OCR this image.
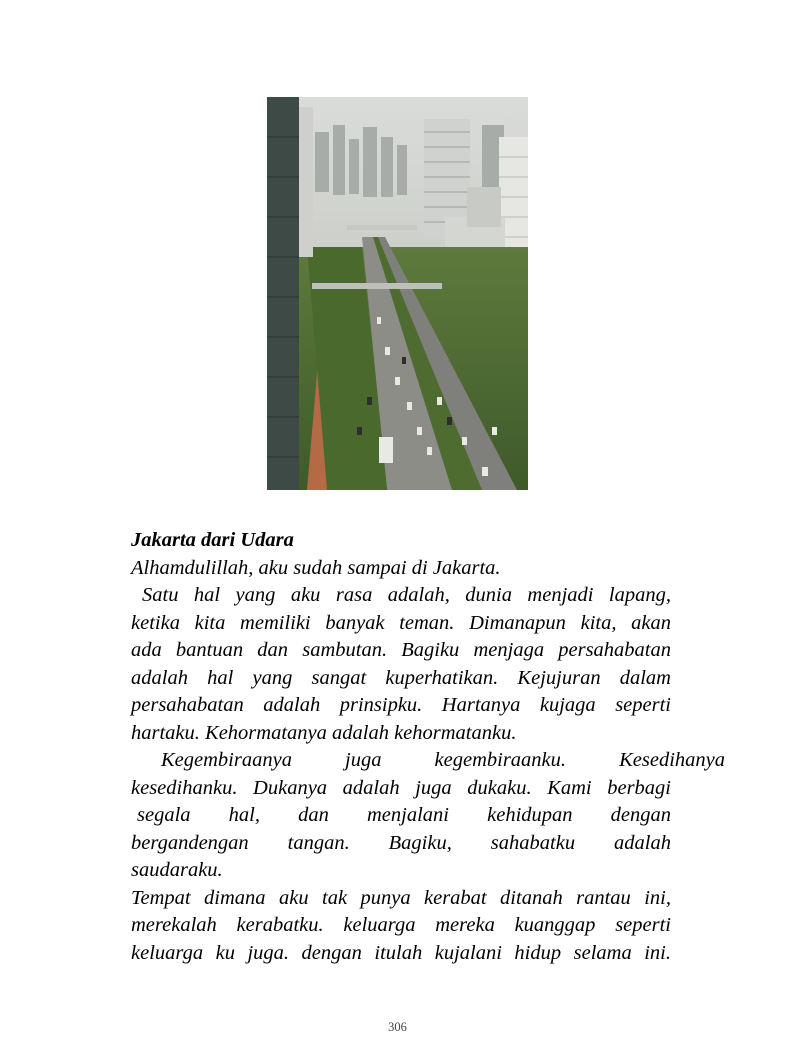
Jakarta dari Udara
Alhamdulillah, aku sudah sampai di Jakarta.
Satu hal yang aku rasa adalah, dunia menjadi lapang,
ketika kita memiliki banyak teman. Dimanapun kita, akan
ada bantuan dan sambutan. Bagiku menjaga persahabatan
adalah hal yang sangat kuperhatikan. Kejujuran dalam
persahabatan adalah prinsipku. Hartanya kujaga seperti
hartaku. Kehormatanya adalah kehormatanku.
Kegembiraanya juga kegembiraanku. Kesedihanya
kesedihanku. Dukanya adalah juga dukaku. Kami berbagi
segala hal, dan menjalani kehidupan dengan
bergandengan tangan. Bagiku, sahabatku adalah
saudaraku.
Tempat dimana aku tak punya kerabat ditanah rantau ini,
merekalah kerabatku. keluarga mereka kuanggap seperti
keluarga ku juga. dengan itulah kujalani hidup selama ini.
306
